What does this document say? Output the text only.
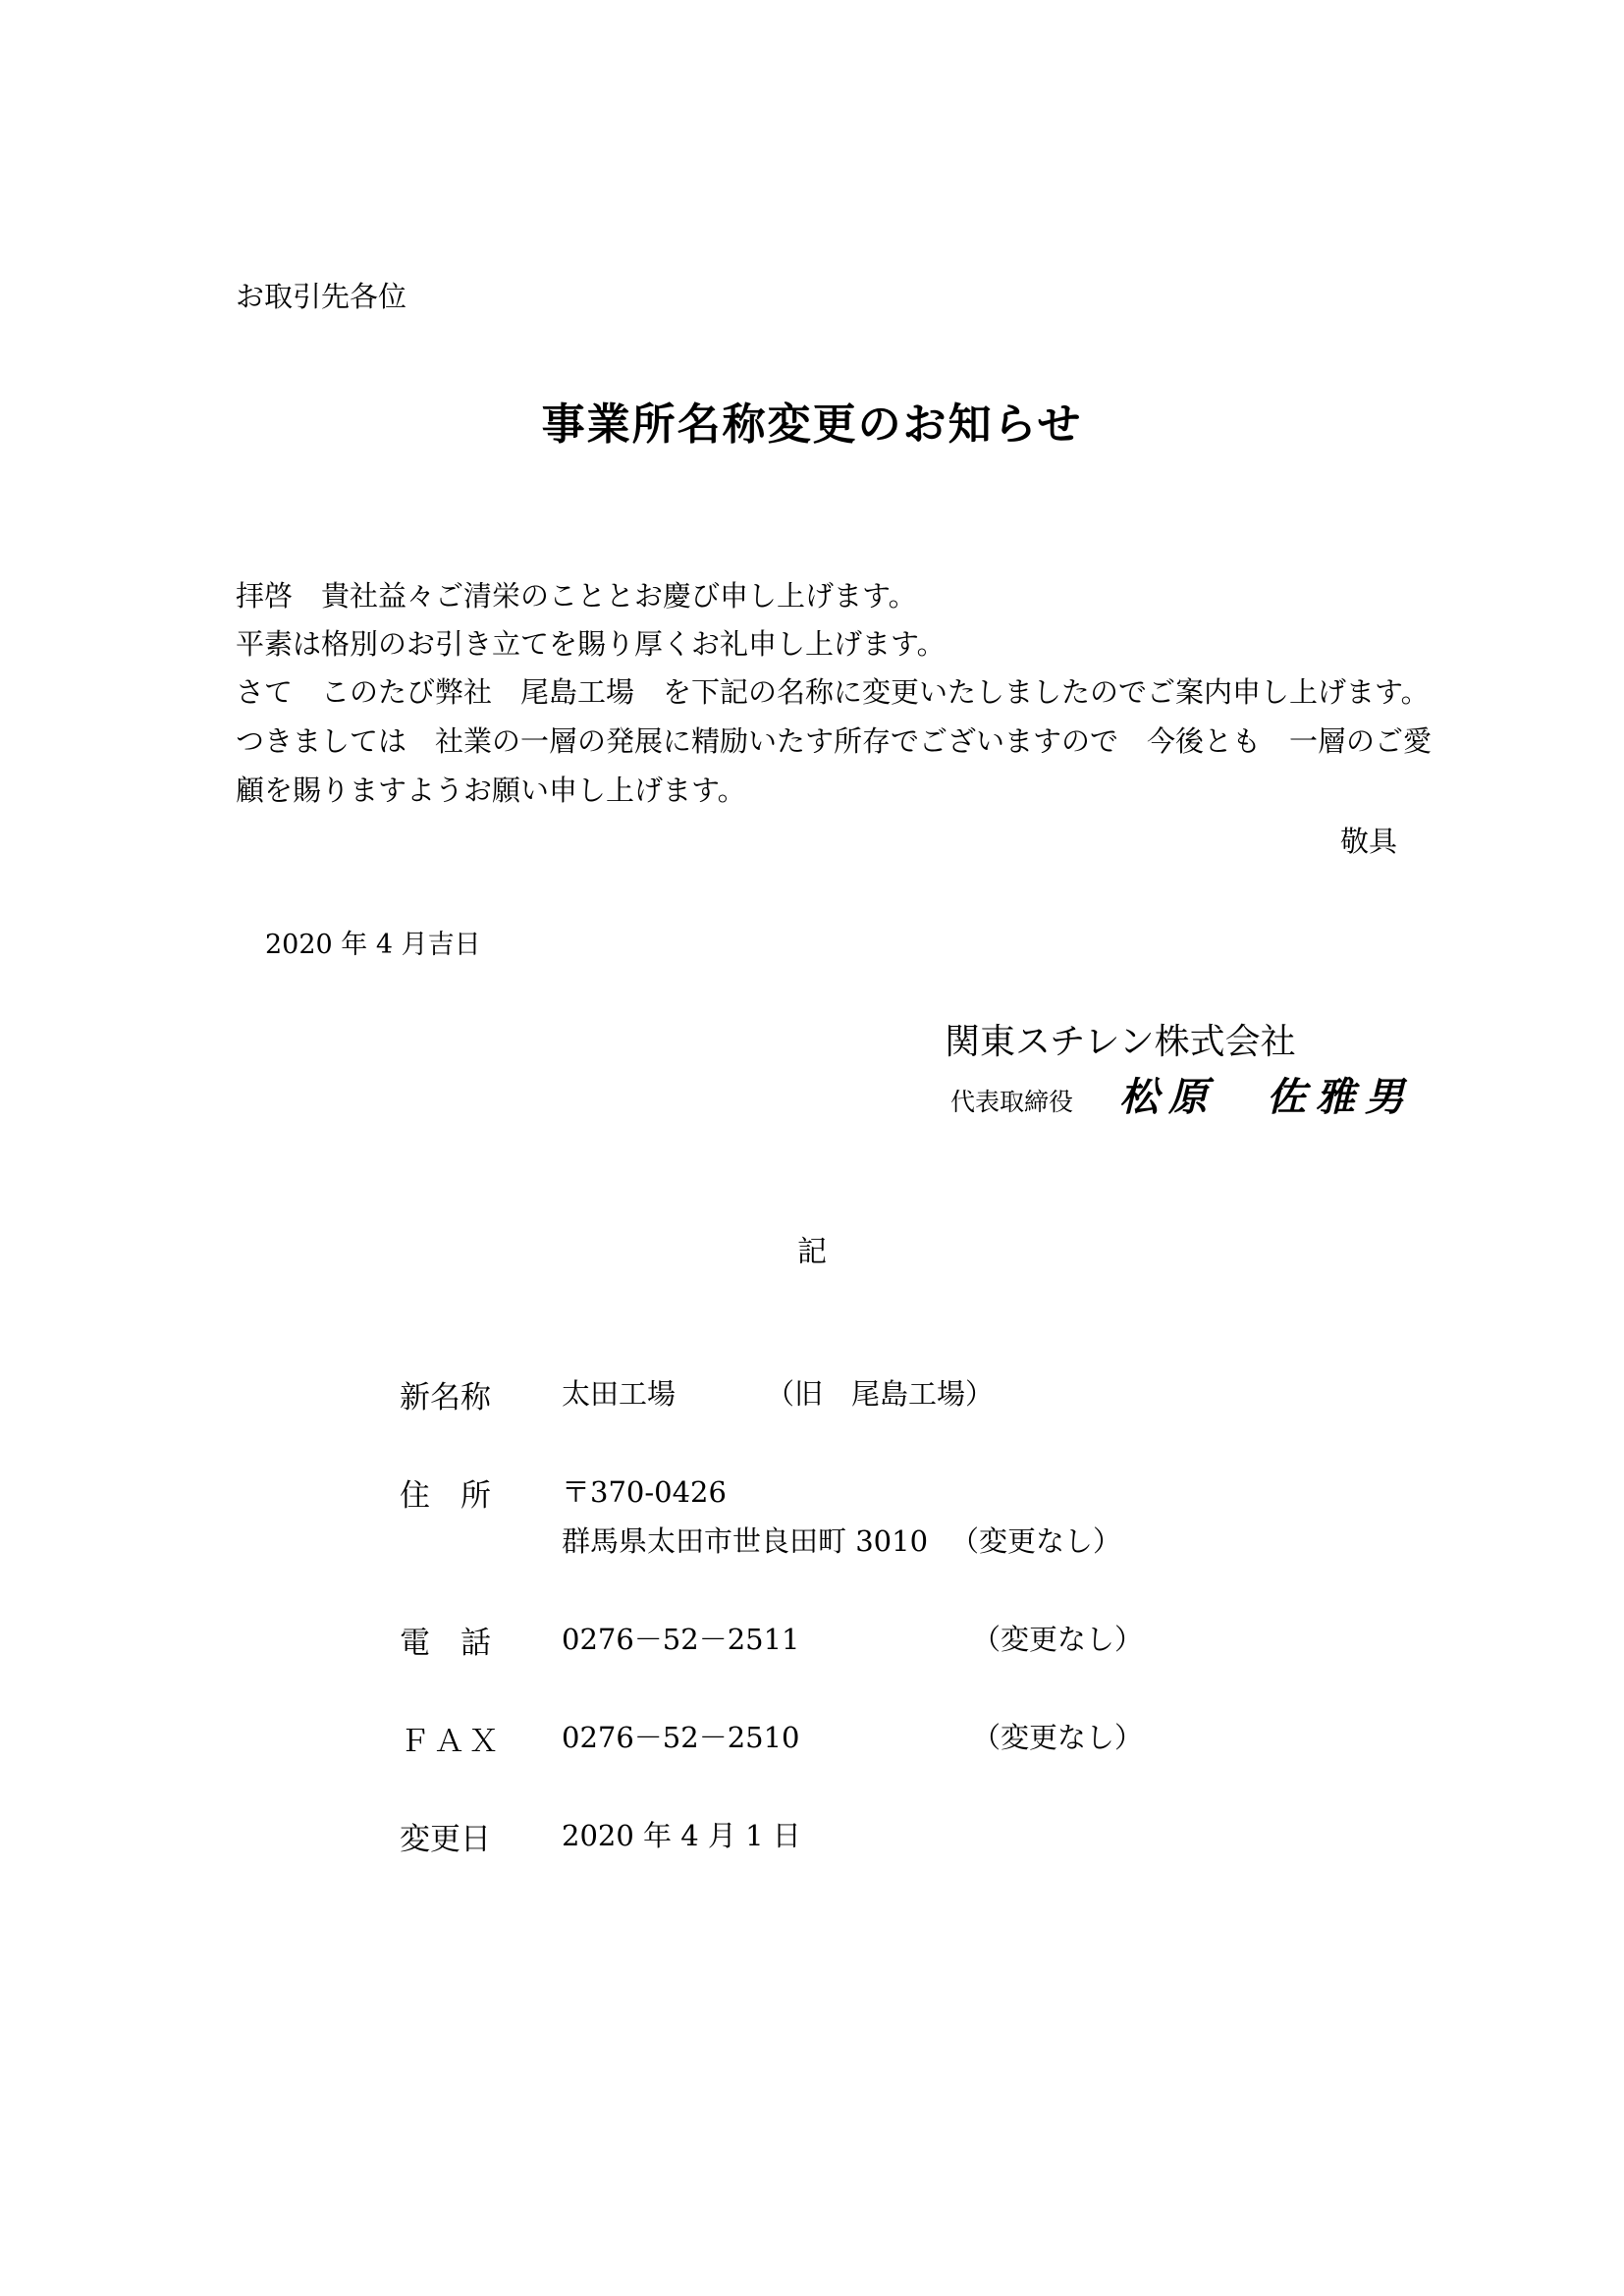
お取引先各位
事業所名称変更のお知らせ
拝啓　貴社益々ご清栄のこととお慶び申し上げます。
平素は格別のお引き立てを賜り厚くお礼申し上げます。
さて　このたび弊社　尾島工場　を下記の名称に変更いたしましたのでご案内申し上げます。
つきましては　社業の一層の発展に精励いたす所存でございますので　今後とも　一層のご愛
顧を賜りますようお願い申し上げます。
敬具
2020 年 4 月吉日
関東スチレン株式会社
代表取締役 松原　佐雅男
記
新名称 太田工場	（旧　尾島工場）
住　所 〒370-0426
群馬県太田市世良田町 3010 （変更なし）
電　話 0276－52－2511	（変更なし）
ＦＡＸ 0276－52－2510	（変更なし）
変更日 2020 年 4 月 1 日
